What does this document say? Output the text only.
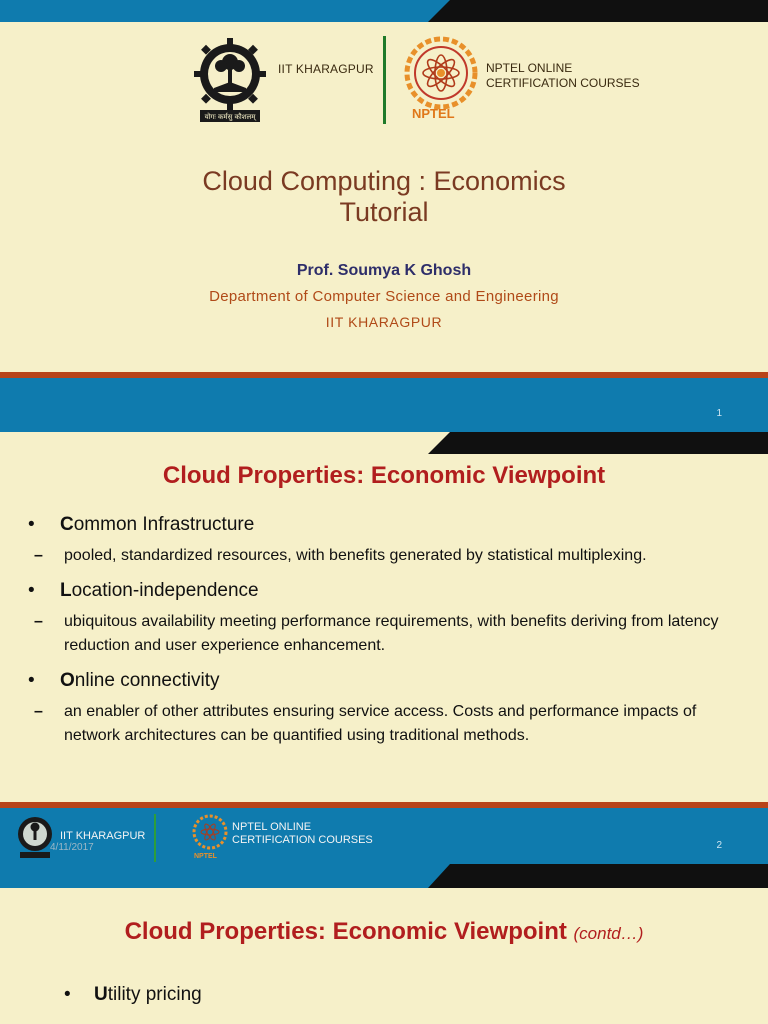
योगः कर्मसु कौशलम्
IIT KHARAGPUR
NPTEL
NPTEL ONLINE
CERTIFICATION COURSES
Cloud Computing : Economics
Tutorial
Prof. Soumya K Ghosh
Department of Computer Science and Engineering
IIT KHARAGPUR
1
Cloud Properties: Economic Viewpoint
•	Common Infrastructure
–	pooled, standardized resources, with benefits generated by statistical multiplexing.
•	Location-independence
–	ubiquitous availability meeting performance requirements, with benefits deriving from latency reduction and user experience enhancement.
•	Online connectivity
–	an enabler of other attributes ensuring service access. Costs and performance impacts of network architectures can be quantified using traditional methods.
IIT KHARAGPUR
4/11/2017
NPTEL
NPTEL ONLINE
CERTIFICATION COURSES	2
Cloud Properties: Economic Viewpoint (contd…)
•	Utility pricing
